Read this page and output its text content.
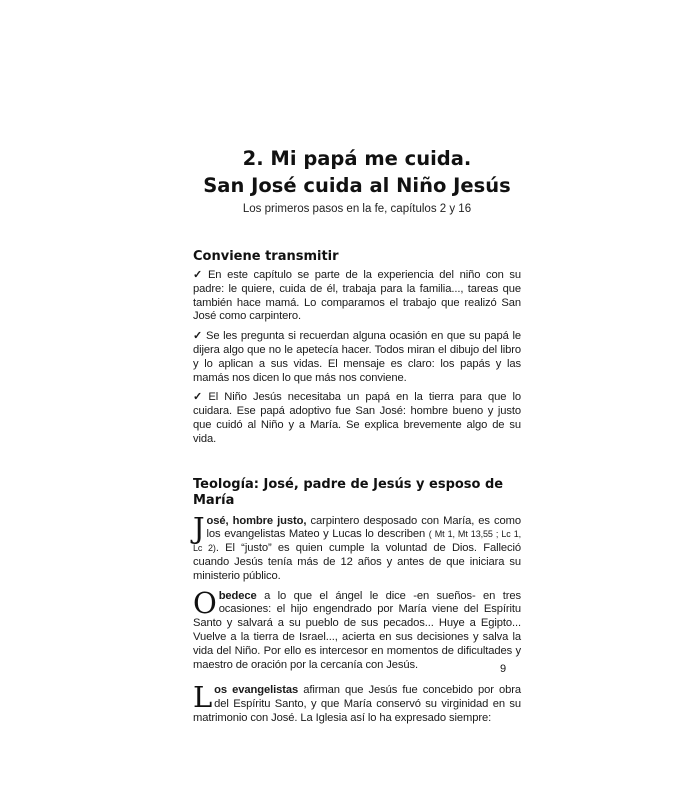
2. Mi papá me cuida.
San José cuida al Niño Jesús

Los primeros pasos en la fe, capítulos 2 y 16

Conviene transmitir

✓ En este capítulo se parte de la experiencia del niño con su padre: le quiere, cuida de él, trabaja para la familia..., tareas que también hace mamá. Lo comparamos el trabajo que realizó San José como carpintero.

✓ Se les pregunta si recuerdan alguna ocasión en que su papá le dijera algo que no le apetecía hacer. Todos miran el dibujo del libro y lo aplican a sus vidas. El mensaje es claro: los papás y las mamás nos dicen lo que más nos conviene.

✓ El Niño Jesús necesitaba un papá en la tierra para que lo cuidara. Ese papá adoptivo fue San José: hombre bueno y justo que cuidó al Niño y a María. Se explica brevemente algo de su vida.

Teología: José, padre de Jesús y esposo de María

José, hombre justo, carpintero desposado con María, es como los evangelistas Mateo y Lucas lo describen ( Mt 1, Mt 13,55 ; Lc 1, Lc 2). El “justo” es quien cumple la voluntad de Dios. Falleció cuando Jesús tenía más de 12 años y antes de que iniciara su ministerio público.

Obedece a lo que el ángel le dice -en sueños- en tres ocasiones: el hijo engendrado por María viene del Espíritu Santo y salvará a su pueblo de sus pecados... Huye a Egipto... Vuelve a la tierra de Israel..., acierta en sus decisiones y salva la vida del Niño. Por ello es intercesor en momentos de dificultades y maestro de oración por la cercanía con Jesús.

Los evangelistas afirman que Jesús fue concebido por obra del Espíritu Santo, y que María conservó su virginidad en su matrimonio con José. La Iglesia así lo ha expresado siempre:

9
